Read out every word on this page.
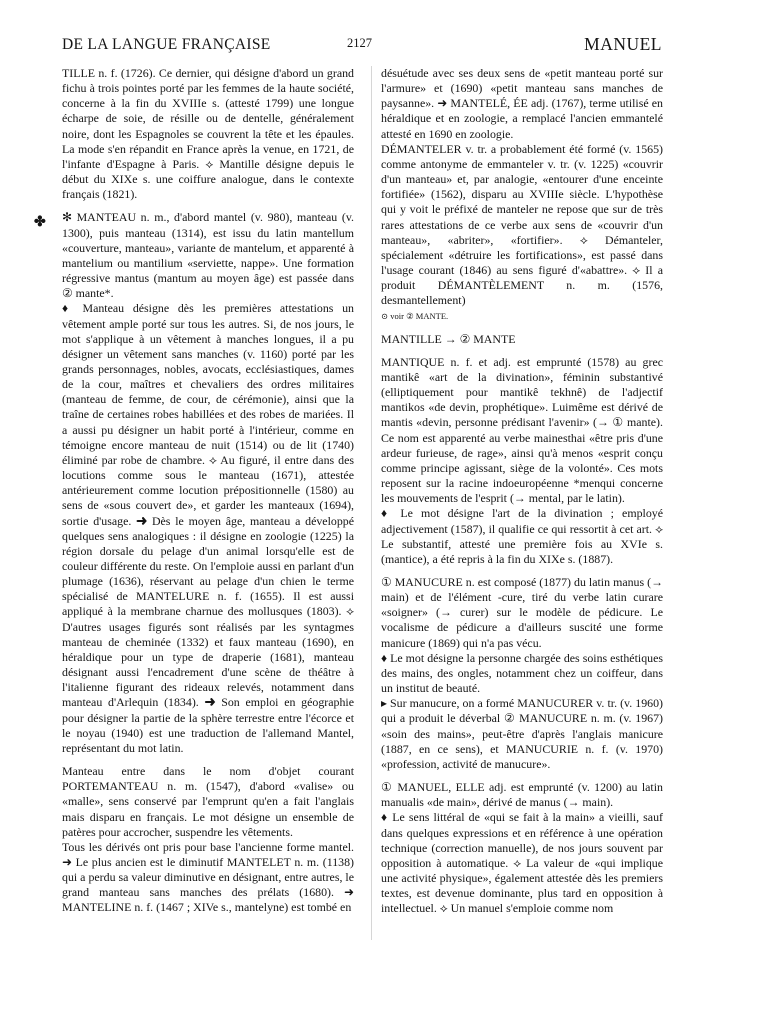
DE LA LANGUE FRANÇAISE	2127	MANUEL
✤

TILLE n. f. (1726). Ce dernier, qui désigne d'abord un grand fichu à trois pointes porté par les femmes de la haute société, concerne à la fin du XVIIIe s. (attesté 1799) une longue écharpe de soie, de résille ou de dentelle, généralement noire, dont les Espagnoles se couvrent la tête et les épaules. La mode s'en répandit en France après la venue, en 1721, de l'infante d'Espagne à Paris. ⟡ Mantille désigne depuis le début du XIXe s. une coiffure analogue, dans le contexte français (1821).

✻ MANTEAU n. m., d'abord mantel (v. 980), manteau (v. 1300), puis manteau (1314), est issu du latin mantellum «couverture, manteau», variante de mantelum, et apparenté à mantelium ou mantilium «serviette, nappe». Une formation régressive mantus (mantum au moyen âge) est passée dans ② mante*.

♦ Manteau désigne dès les premières attestations un vêtement ample porté sur tous les autres. Si, de nos jours, le mot s'applique à un vêtement à manches longues, il a pu désigner un vêtement sans manches (v. 1160) porté par les grands personnages, nobles, avocats, ecclésiastiques, dames de la cour, maîtres et chevaliers des ordres militaires (manteau de femme, de cour, de cérémonie), ainsi que la traîne de certaines robes habillées et des robes de mariées. Il a aussi pu désigner un habit porté à l'intérieur, comme en témoigne encore manteau de nuit (1514) ou de lit (1740) éliminé par robe de chambre. ⟡ Au figuré, il entre dans des locutions comme sous le manteau (1671), attestée antérieurement comme locution prépositionnelle (1580) au sens de «sous couvert de», et garder les manteaux (1694), sortie d'usage. ➜ Dès le moyen âge, manteau a développé quelques sens analogiques : il désigne en zoologie (1225) la région dorsale du pelage d'un animal lorsqu'elle est de couleur différente du reste. On l'emploie aussi en parlant d'un plumage (1636), réservant au pelage d'un chien le terme spécialisé de MANTELURE n. f. (1655). Il est aussi appliqué à la membrane charnue des mollusques (1803). ⟡ D'autres usages figurés sont réalisés par les syntagmes manteau de cheminée (1332) et faux manteau (1690), en héraldique pour un type de draperie (1681), manteau désignant aussi l'encadrement d'une scène de théâtre à l'italienne figurant des rideaux relevés, notamment dans manteau d'Arlequin (1834). ➜ Son emploi en géographie pour désigner la partie de la sphère terrestre entre l'écorce et le noyau (1940) est une traduction de l'allemand Mantel, représentant du mot latin.

Manteau entre dans le nom d'objet courant PORTEMANTEAU n. m. (1547), d'abord «valise» ou «malle», sens conservé par l'emprunt qu'en a fait l'anglais mais disparu en français. Le mot désigne un ensemble de patères pour accrocher, suspendre les vêtements.

Tous les dérivés ont pris pour base l'ancienne forme mantel. ➜ Le plus ancien est le diminutif MANTELET n. m. (1138) qui a perdu sa valeur diminutive en désignant, entre autres, le grand manteau sans manches des prélats (1680). ➜ MANTELINE n. f. (1467 ; XIVe s., mantelyne) est tombé en

désuétude avec ses deux sens de «petit manteau porté sur l'armure» et (1690) «petit manteau sans manches de paysanne». ➜ MANTELÉ, ÉE adj. (1767), terme utilisé en héraldique et en zoologie, a remplacé l'ancien emmantelé attesté en 1690 en zoologie.

DÉMANTELER v. tr. a probablement été formé (v. 1565) comme antonyme de emmanteler v. tr. (v. 1225) «couvrir d'un manteau» et, par analogie, «entourer d'une enceinte fortifiée» (1562), disparu au XVIIIe siècle. L'hypothèse qui y voit le préfixé de manteler ne repose que sur de très rares attestations de ce verbe aux sens de «couvrir d'un manteau», «abriter», «fortifier». ⟡ Démanteler, spécialement «détruire les fortifications», est passé dans l'usage courant (1846) au sens figuré d'«abattre». ⟡ Il a produit DÉMANTÈLEMENT n. m. (1576, desmantellement)

⊙ voir ② MANTE.

MANTILLE → ② MANTE

MANTIQUE n. f. et adj. est emprunté (1578) au grec mantikê «art de la divination», féminin substantivé (elliptiquement pour mantikê tekhnê) de l'adjectif mantikos «de devin, prophétique». Luimême est dérivé de mantis «devin, personne prédisant l'avenir» (→ ① mante). Ce nom est apparenté au verbe mainesthai «être pris d'une ardeur furieuse, de rage», ainsi qu'à menos «esprit conçu comme principe agissant, siège de la volonté». Ces mots reposent sur la racine indoeuropéenne *menqui concerne les mouvements de l'esprit (→ mental, par le latin).

♦ Le mot désigne l'art de la divination ; employé adjectivement (1587), il qualifie ce qui ressortit à cet art. ⟡ Le substantif, attesté une première fois au XVIe s. (mantice), a été repris à la fin du XIXe s. (1887).

① MANUCURE n. est composé (1877) du latin manus (→ main) et de l'élément -cure, tiré du verbe latin curare «soigner» (→ curer) sur le modèle de pédicure. Le vocalisme de pédicure a d'ailleurs suscité une forme manicure (1869) qui n'a pas vécu.

♦ Le mot désigne la personne chargée des soins esthétiques des mains, des ongles, notamment chez un coiffeur, dans un institut de beauté.

▸ Sur manucure, on a formé MANUCURER v. tr. (v. 1960) qui a produit le déverbal ② MANUCURE n. m. (v. 1967) «soin des mains», peut-être d'après l'anglais manicure (1887, en ce sens), et MANUCURIE n. f. (v. 1970) «profession, activité de manucure».

① MANUEL, ELLE adj. est emprunté (v. 1200) au latin manualis «de main», dérivé de manus (→ main).

♦ Le sens littéral de «qui se fait à la main» a vieilli, sauf dans quelques expressions et en référence à une opération technique (correction manuelle), de nos jours souvent par opposition à automatique. ⟡ La valeur de «qui implique une activité physique», également attestée dès les premiers textes, est devenue dominante, plus tard en opposition à intellectuel. ⟡ Un manuel s'emploie comme nom
